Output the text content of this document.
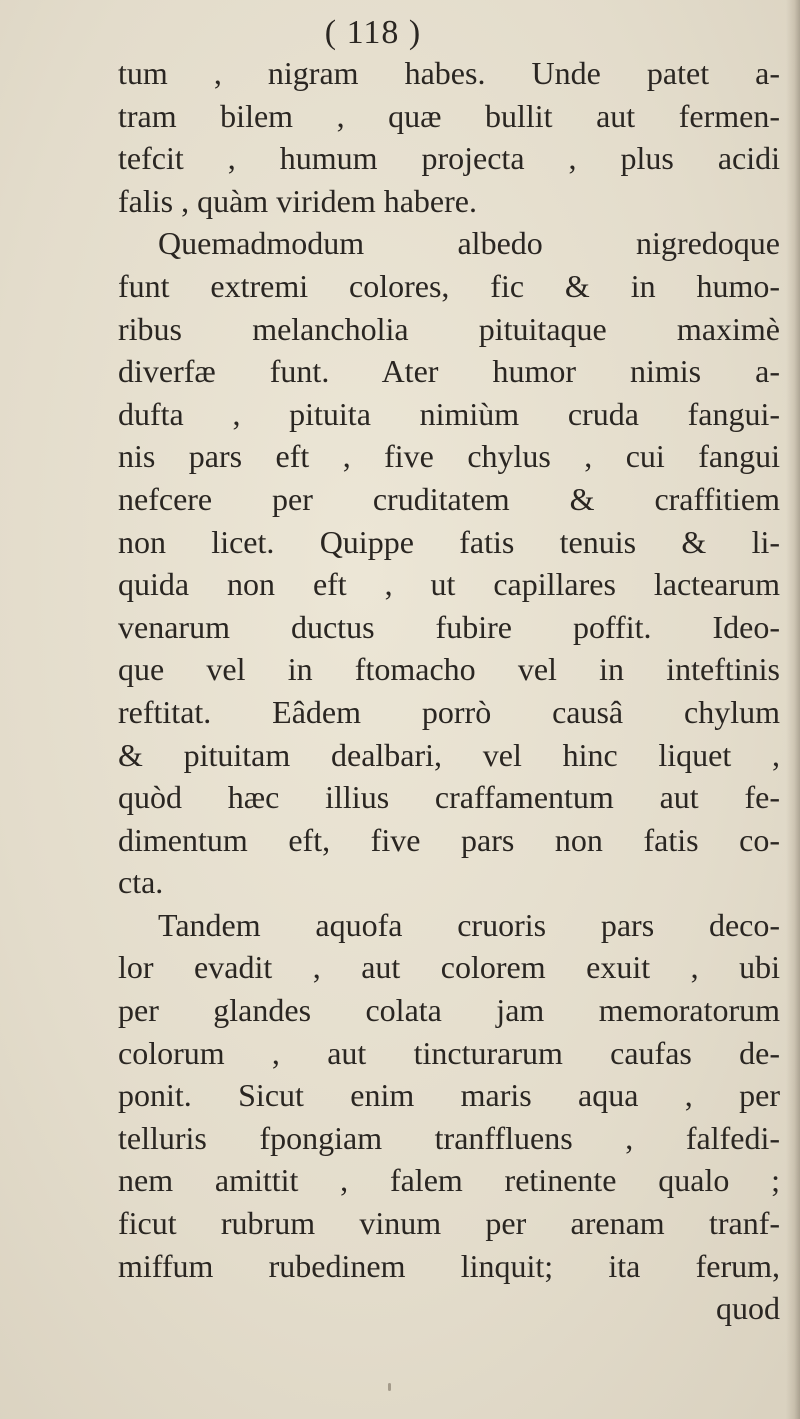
( 118 )
tum , nigram habes. Unde patet a-
tram bilem , quæ bullit aut fermen-
tefcit , humum projecta , plus acidi
falis , quàm viridem habere.
Quemadmodum albedo nigredoque
funt extremi colores, fic & in humo-
ribus melancholia pituitaque maximè
diverfæ funt. Ater humor nimis a-
dufta , pituita nimiùm cruda fangui-
nis pars eft , five chylus , cui fangui
nefcere per cruditatem & craffitiem
non licet. Quippe fatis tenuis & li-
quida non eft , ut capillares lactearum
venarum ductus fubire poffit. Ideo-
que vel in ftomacho vel in inteftinis
reftitat. Eâdem porrò causâ chylum
& pituitam dealbari, vel hinc liquet ,
quòd hæc illius craffamentum aut fe-
dimentum eft, five pars non fatis co-
cta.
Tandem aquofa cruoris pars deco-
lor evadit , aut colorem exuit , ubi
per glandes colata jam memoratorum
colorum , aut tincturarum caufas de-
ponit. Sicut enim maris aqua , per
telluris fpongiam tranffluens , falfedi-
nem amittit , falem retinente qualo ;
ficut rubrum vinum per arenam tranf-
miffum rubedinem linquit; ita ferum,
quod
